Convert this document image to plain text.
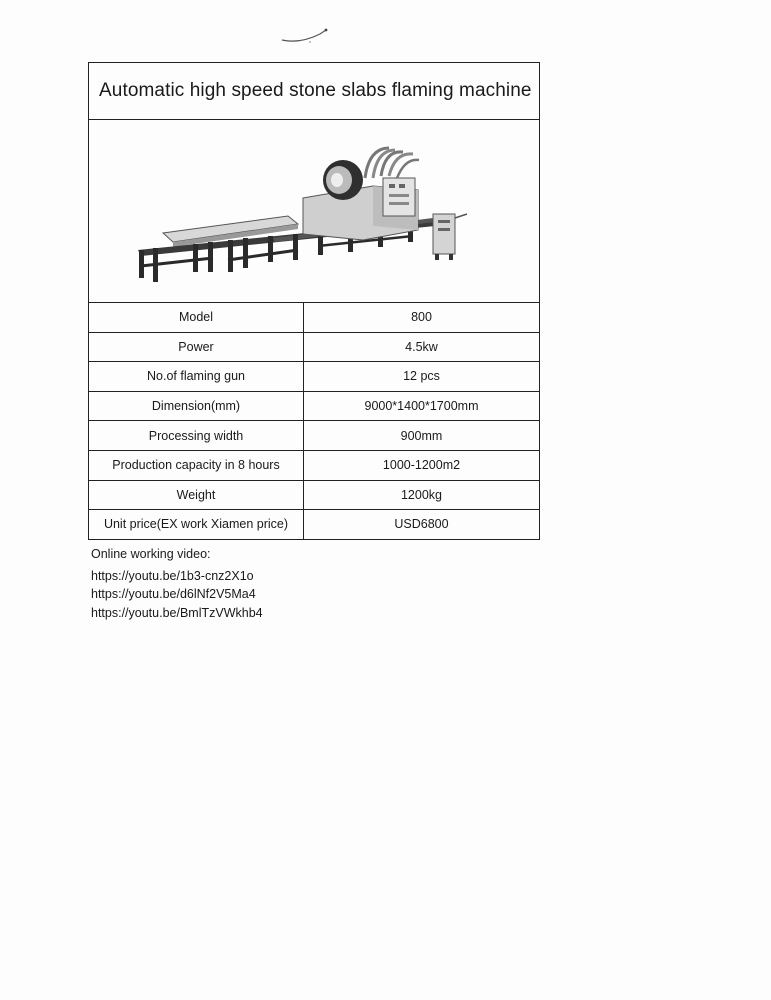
Automatic high speed stone slabs flaming machine
Model	800
Power	4.5kw
No.of flaming gun	12 pcs
Dimension(mm)	9000*1400*1700mm
Processing width	900mm
Production capacity in 8 hours	1000-1200m2
Weight	1200kg
Unit price(EX work Xiamen price)	USD6800
Online working video:
https://youtu.be/1b3-cnz2X1o
https://youtu.be/d6lNf2V5Ma4
https://youtu.be/BmlTzVWkhb4
